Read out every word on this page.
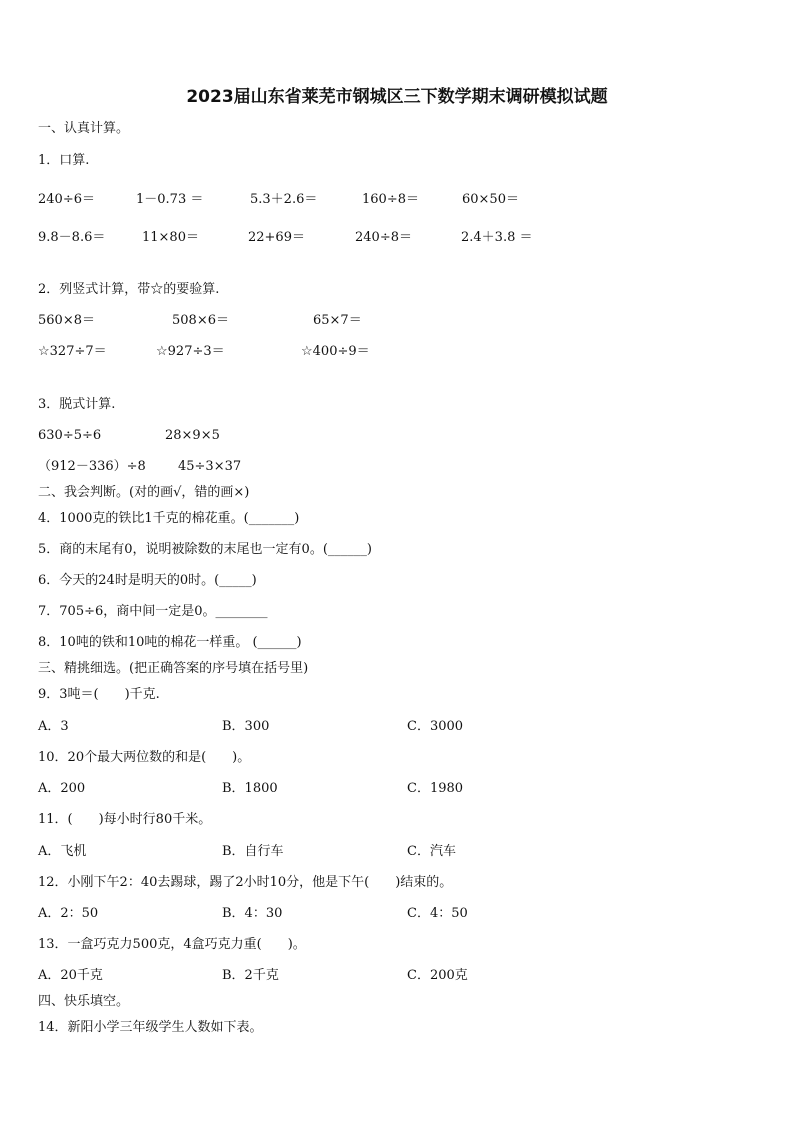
2023届山东省莱芜市钢城区三下数学期末调研模拟试题
一、认真计算。
1．口算.
240÷6＝	1－0.73 ＝	5.3＋2.6＝	160÷8＝	60×50＝
9.8－8.6＝	11×80＝	22+69＝	240÷8＝	2.4＋3.8 ＝
2．列竖式计算，带☆的要验算.
560×8＝	508×6＝	65×7＝
☆327÷7＝	☆927÷3＝	☆400÷9＝
3．脱式计算.
630÷5÷6	28×9×5
（912－336）÷8 45÷3×37
二、我会判断。(对的画√，错的画×)
4．1000克的铁比1千克的棉花重。(_______)
5．商的末尾有0，说明被除数的末尾也一定有0。(______)
6．今天的24时是明天的0时。(_____)
7．705÷6，商中间一定是0。________
8．10吨的铁和10吨的棉花一样重。 (______)
三、精挑细选。(把正确答案的序号填在括号里)
9．3吨＝(　　)千克.
A．3	B．300	C．3000
10．20个最大两位数的和是(　　)。
A．200	B．1800	C．1980
11．(　　)每小时行80千米。
A．飞机	B．自行车	C．汽车
12．小刚下午2：40去踢球，踢了2小时10分，他是下午(　　)结束的。
A．2：50	B．4：30	C．4：50
13．一盒巧克力500克，4盒巧克力重(　　)。
A．20千克	B．2千克	C．200克
四、快乐填空。
14．新阳小学三年级学生人数如下表。
